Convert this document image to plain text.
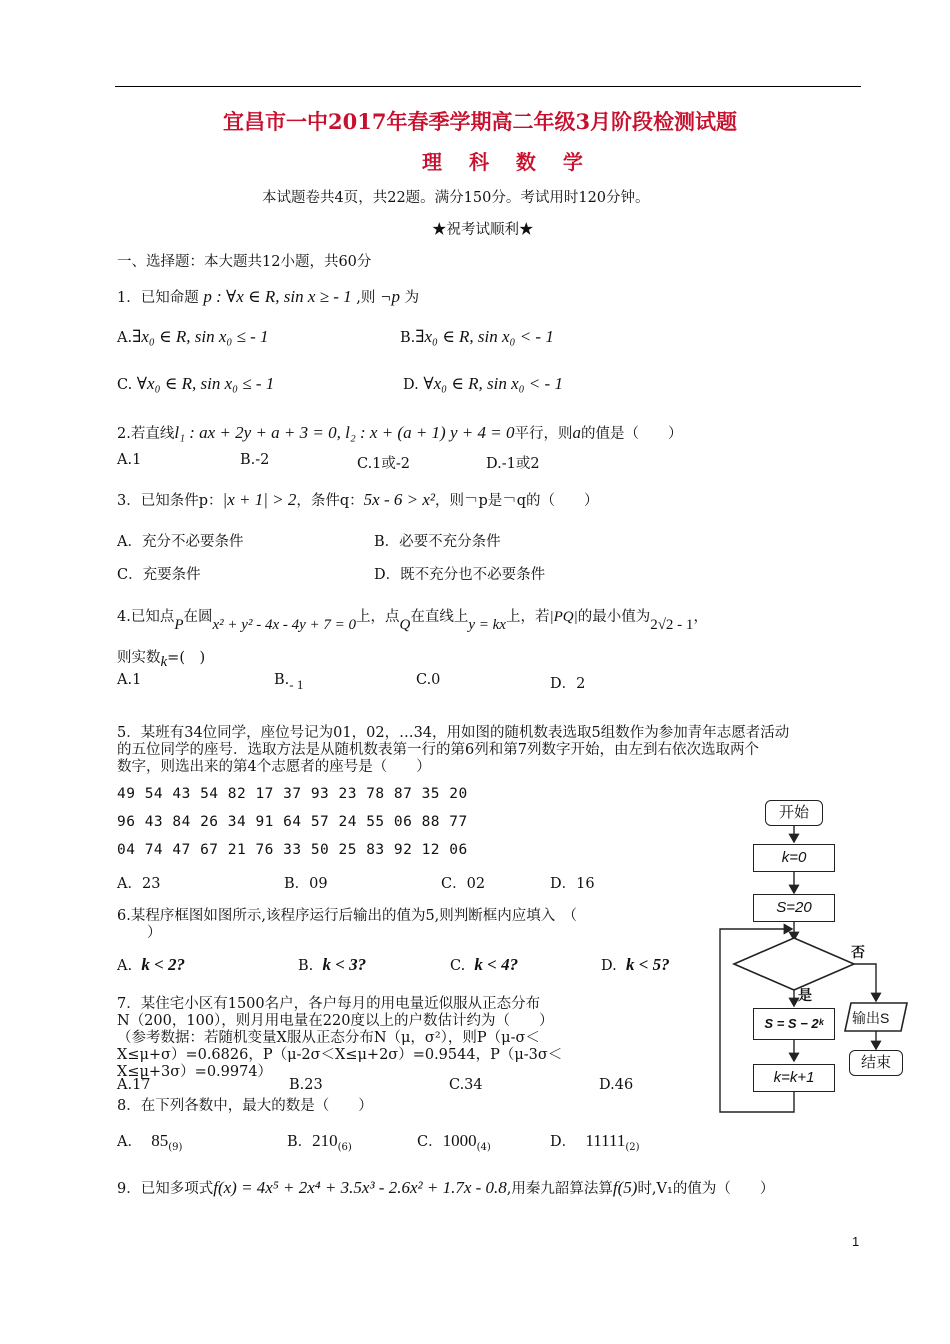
宜昌市一中2017年春季学期高二年级3月阶段检测试题
理 科 数 学
本试题卷共4页，共22题。满分150分。考试用时120分钟。
★祝考试顺利★
一、选择题：本大题共12小题，共60分
1．已知命题 p : ∀x ∈ R, sin x ≥ - 1 ,则 ¬p 为
A.∃x₀ ∈ R, sin x₀ ≤ - 1	B.∃x₀ ∈ R, sin x₀ < - 1
C. ∀x₀ ∈ R, sin x₀ ≤ - 1	D. ∀x₀ ∈ R, sin x₀ < - 1
2.若直线l₁ : ax + 2y + a + 3 = 0, l₂ : x + (a + 1) y + 4 = 0平行，则a的值是（　　）
A.1	B.-2	C.1或-2	D.-1或2
3．已知条件p：|x + 1| > 2，条件q：5x - 6 > x²，则￢p是￢q的（　　）
A．充分不必要条件	B．必要不充分条件
C．充要条件	D．既不充分也不必要条件
4.已知点P在圆x² + y² - 4x - 4y + 7 = 0上，点Q在直线上y = kx上，若|PQ|的最小值为2√2 - 1，
则实数k=(　)
A.1	B.- 1	C.0	D．2
5．某班有34位同学，座位号记为01，02，…34，用如图的随机数表选取5组数作为参加青年志愿者活动
的五位同学的座号．选取方法是从随机数表第一行的第6列和第7列数字开始，由左到右依次选取两个
数字，则选出来的第4个志愿者的座号是（　　）
49 54 43 54 82 17 37 93 23 78 87 35 20
96 43 84 26 34 91 64 57 24 55 06 88 77
04 74 47 67 21 76 33 50 25 83 92 12 06
A．23	B．09	C．02	D．16
6.某程序框图如图所示,该程序运行后输出的值为5,则判断框内应填入　（
）
A. k < 2?	B. k < 3?	C. k < 4?	D. k < 5?
7．某住宅小区有1500名户，各户每月的用电量近似服从正态分布
N（200，100），则月用电量在220度以上的户数估计约为（　　）
（参考数据：若随机变量X服从正态分布N（μ，σ²），则P（μ-σ＜
X≤μ+σ）=0.6826，P（μ-2σ＜X≤μ+2σ）=0.9544，P（μ-3σ＜
X≤μ+3σ）=0.9974）
A.17	B.23	C.34	D.46
8．在下列各数中，最大的数是（　　）
A． $85_{(9)}$	B．$210_{(6)}$	C．$1000_{(4)}$	D． $11111_{(2)}$
9．已知多项式f(x) = 4x⁵ + 2x⁴ + 3.5x³ - 2.6x² + 1.7x - 0.8,用秦九韶算法算f(5)时,V₁的值为（　　）
开始
k=0
S=20
否
是
S = S − 2ᵏ	输出S
结束
k=k+1
1
